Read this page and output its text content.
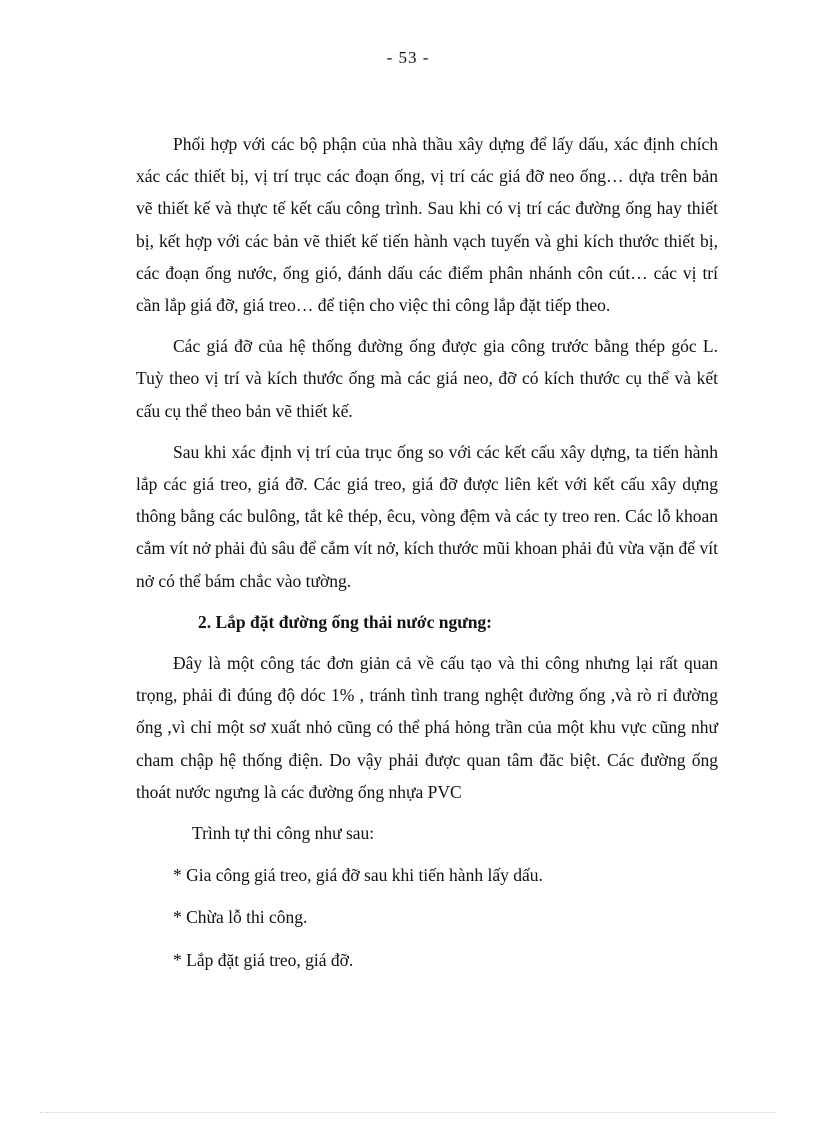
- 53 -

Phối hợp với các bộ phận của nhà thầu xây dựng để lấy dấu, xác định chích xác các thiết bị, vị trí trục các đoạn ống, vị trí các giá đỡ neo ống… dựa trên bản vẽ thiết kế và thực tế kết cấu công trình. Sau khi có vị trí các đường ống hay thiết bị, kết hợp với các bản vẽ thiết kế tiến hành vạch tuyến và ghi kích thước thiết bị, các đoạn ống nước, ống gió, đánh dấu các điểm phân nhánh côn cút… các vị trí cần lắp giá đỡ, giá treo… để tiện cho việc thi công lắp đặt tiếp theo.

Các giá đỡ của hệ thống đường ống được gia công trước bằng thép góc L. Tuỳ theo vị trí và kích thước ống mà các giá neo, đỡ có kích thước cụ thể và kết cấu cụ thể theo bản vẽ thiết kế.

Sau khi xác định vị trí của trục ống so với các kết cấu xây dựng, ta tiến hành lắp các giá treo, giá đỡ. Các giá treo, giá đỡ được liên kết với kết cấu xây dựng thông bằng các bulông, tắt kê thép, êcu, vòng đệm và các ty treo ren. Các lỗ khoan cắm vít nở phải đủ sâu để cắm vít nở, kích thước mũi khoan phải đủ vừa vặn để vít nở có thể bám chắc vào tường.

2. Lắp đặt đường ống thải nước ngưng:

Đây là một công tác đơn giản cả về cấu tạo và thi công nhưng lại rất quan trọng, phải đi đúng độ dóc 1% , tránh tình trang nghệt đường ống ,và rò rỉ đường ống ,vì chỉ một sơ xuất nhỏ cũng có thể phá hỏng trần của một khu vực cũng như cham chập hệ thống điện. Do vậy phải được quan tâm đăc biệt. Các đường ống thoát nước ngưng là các đường ống nhựa PVC

Trình tự thi công như sau:

* Gia công giá treo, giá đỡ sau khi tiến hành lấy dấu.

* Chừa lỗ thi công.

* Lắp đặt giá treo, giá đỡ.
